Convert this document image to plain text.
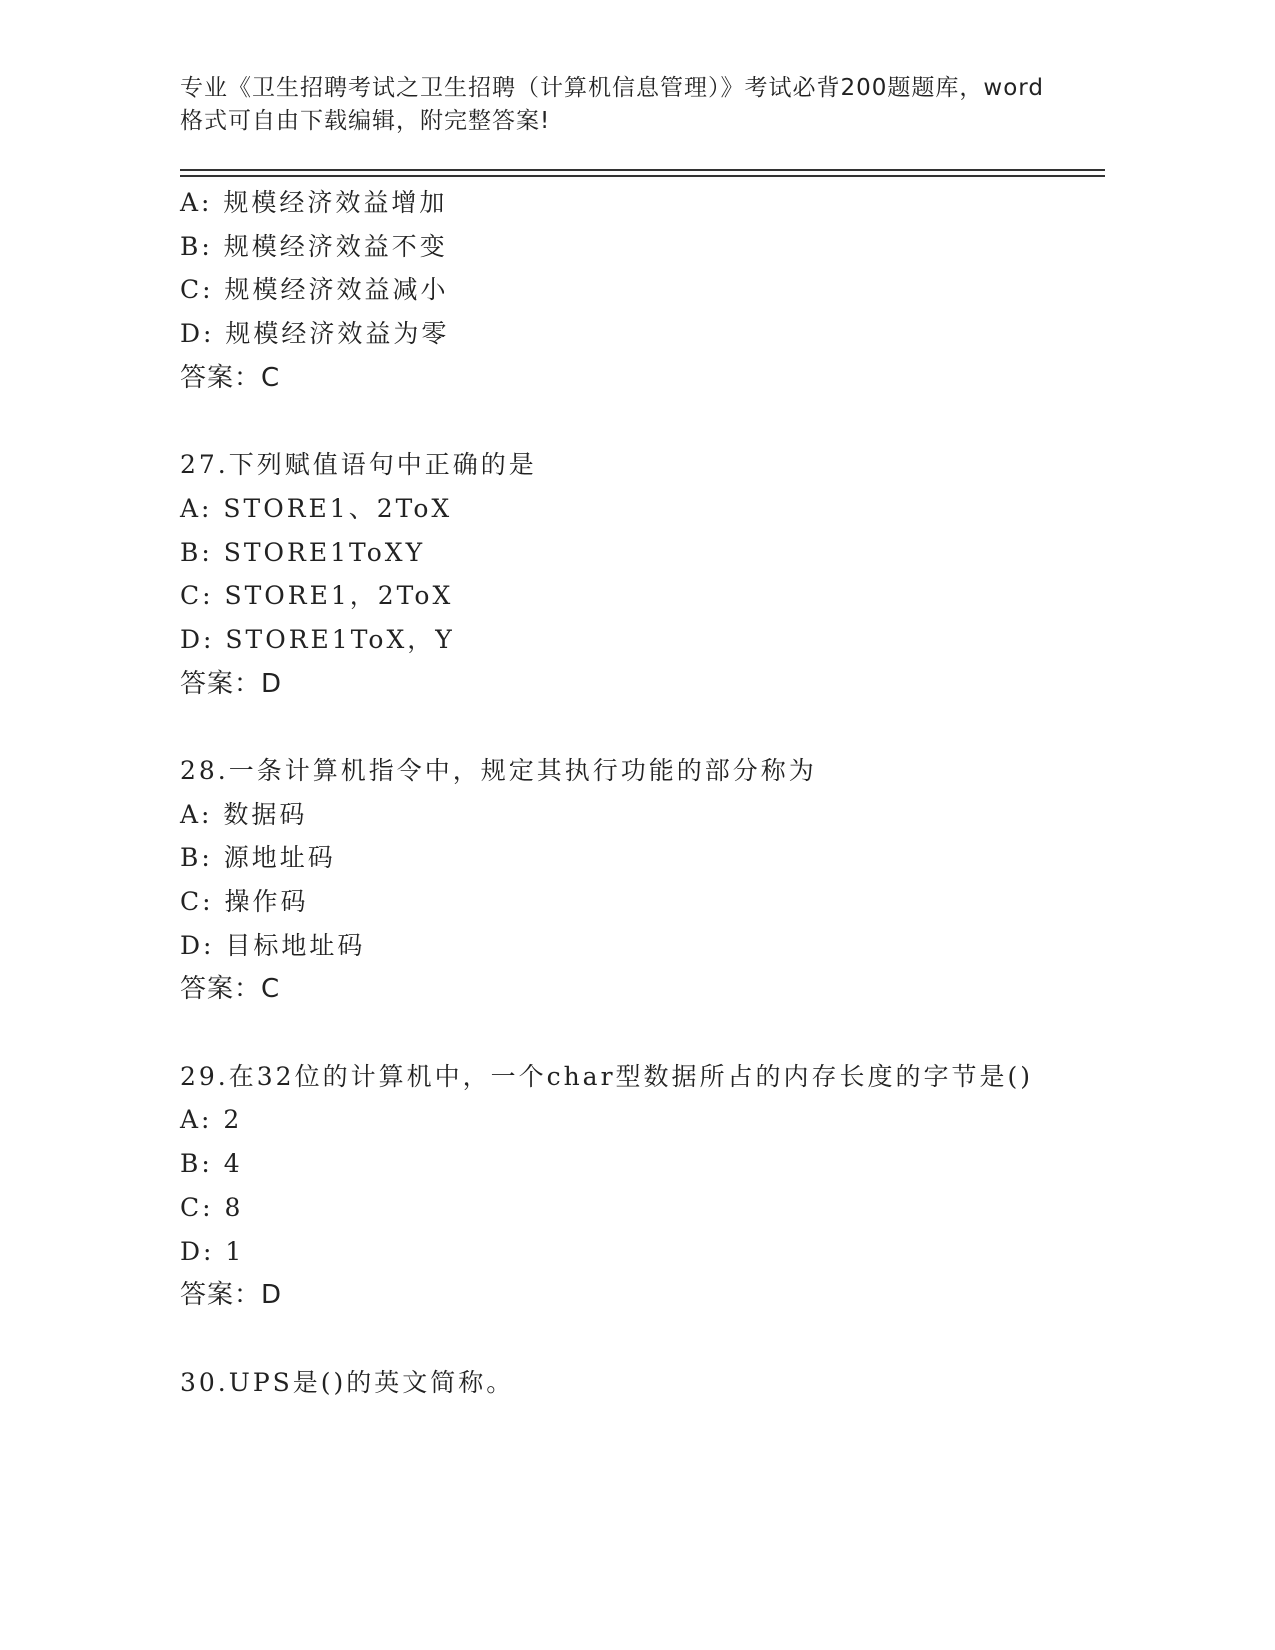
专业《卫生招聘考试之卫生招聘（计算机信息管理）》考试必背200题题库，word
格式可自由下载编辑，附完整答案!
A: 规模经济效益增加
B: 规模经济效益不变
C: 规模经济效益减小
D: 规模经济效益为零
答案：C
27.下列赋值语句中正确的是
A: STORE1、2ToX
B: STORE1ToXY
C: STORE1，2ToX
D: STORE1ToX，Y
答案：D
28.一条计算机指令中，规定其执行功能的部分称为
A: 数据码
B: 源地址码
C: 操作码
D: 目标地址码
答案：C
29.在32位的计算机中，一个char型数据所占的内存长度的字节是()
A: 2
B: 4
C: 8
D: 1
答案：D
30.UPS是()的英文简称。
